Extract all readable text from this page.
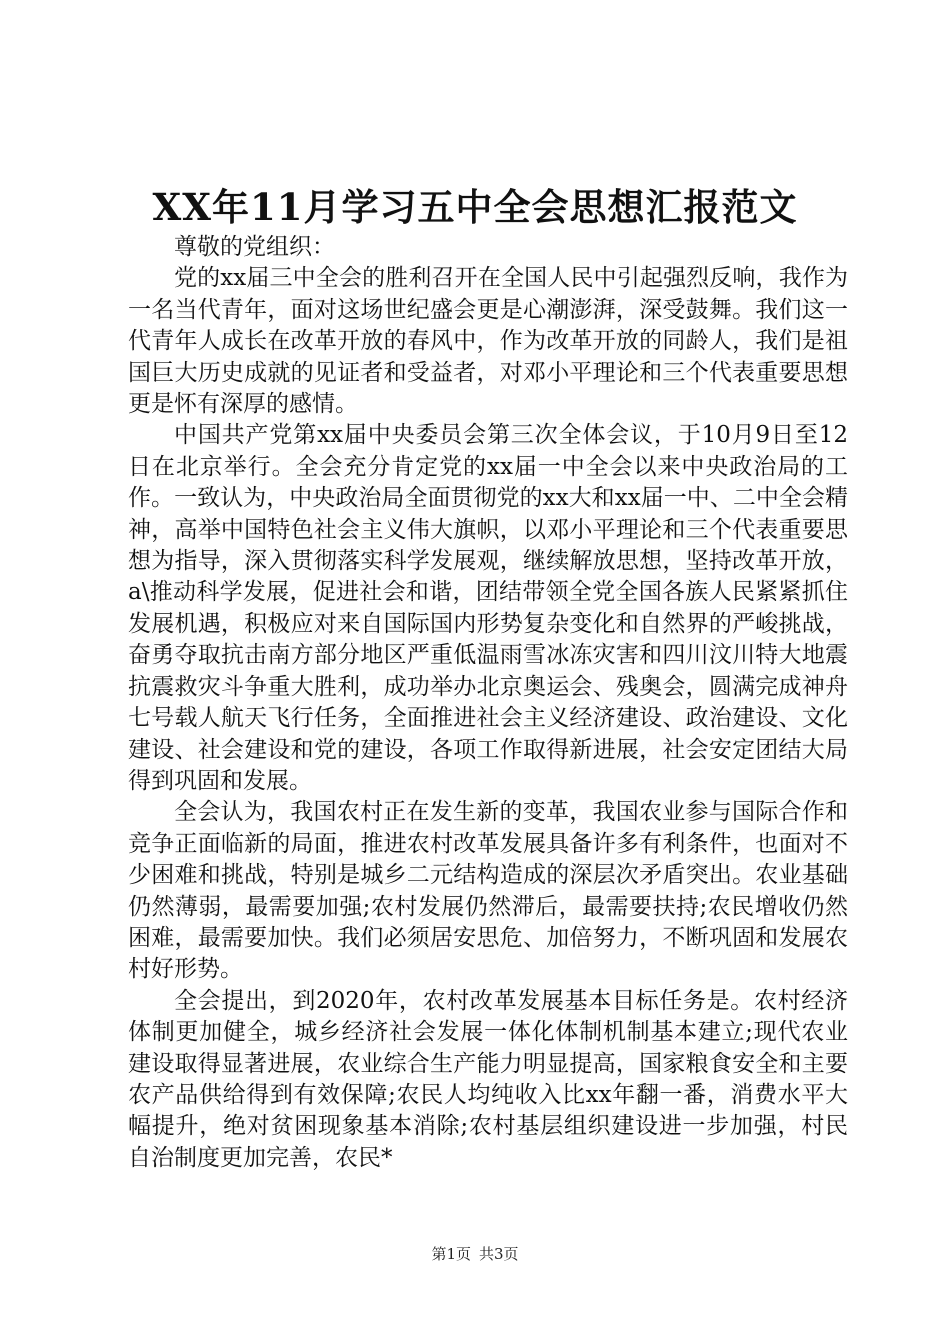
XX年11月学习五中全会思想汇报范文

尊敬的党组织：

党的xx届三中全会的胜利召开在全国人民中引起强烈反响，我作为一名当代青年，面对这场世纪盛会更是心潮澎湃，深受鼓舞。我们这一代青年人成长在改革开放的春风中，作为改革开放的同龄人，我们是祖国巨大历史成就的见证者和受益者，对邓小平理论和三个代表重要思想更是怀有深厚的感情。

中国共产党第xx届中央委员会第三次全体会议，于10月9日至12日在北京举行。全会充分肯定党的xx届一中全会以来中央政治局的工作。一致认为，中央政治局全面贯彻党的xx大和xx届一中、二中全会精神，高举中国特色社会主义伟大旗帜，以邓小平理论和三个代表重要思想为指导，深入贯彻落实科学发展观，继续解放思想，坚持改革开放，a\推动科学发展，促进社会和谐，团结带领全党全国各族人民紧紧抓住发展机遇，积极应对来自国际国内形势复杂变化和自然界的严峻挑战，奋勇夺取抗击南方部分地区严重低温雨雪冰冻灾害和四川汶川特大地震抗震救灾斗争重大胜利，成功举办北京奥运会、残奥会，圆满完成神舟七号载人航天飞行任务，全面推进社会主义经济建设、政治建设、文化建设、社会建设和党的建设，各项工作取得新进展，社会安定团结大局得到巩固和发展。

全会认为，我国农村正在发生新的变革，我国农业参与国际合作和竞争正面临新的局面，推进农村改革发展具备许多有利条件，也面对不少困难和挑战，特别是城乡二元结构造成的深层次矛盾突出。农业基础仍然薄弱，最需要加强;农村发展仍然滞后，最需要扶持;农民增收仍然困难，最需要加快。我们必须居安思危、加倍努力，不断巩固和发展农村好形势。

全会提出，到2020年，农村改革发展基本目标任务是。农村经济体制更加健全，城乡经济社会发展一体化体制机制基本建立;现代农业建设取得显著进展，农业综合生产能力明显提高，国家粮食安全和主要农产品供给得到有效保障;农民人均纯收入比xx年翻一番，消费水平大幅提升，绝对贫困现象基本消除;农村基层组织建设进一步加强，村民自治制度更加完善，农民*

第1页 共3页
